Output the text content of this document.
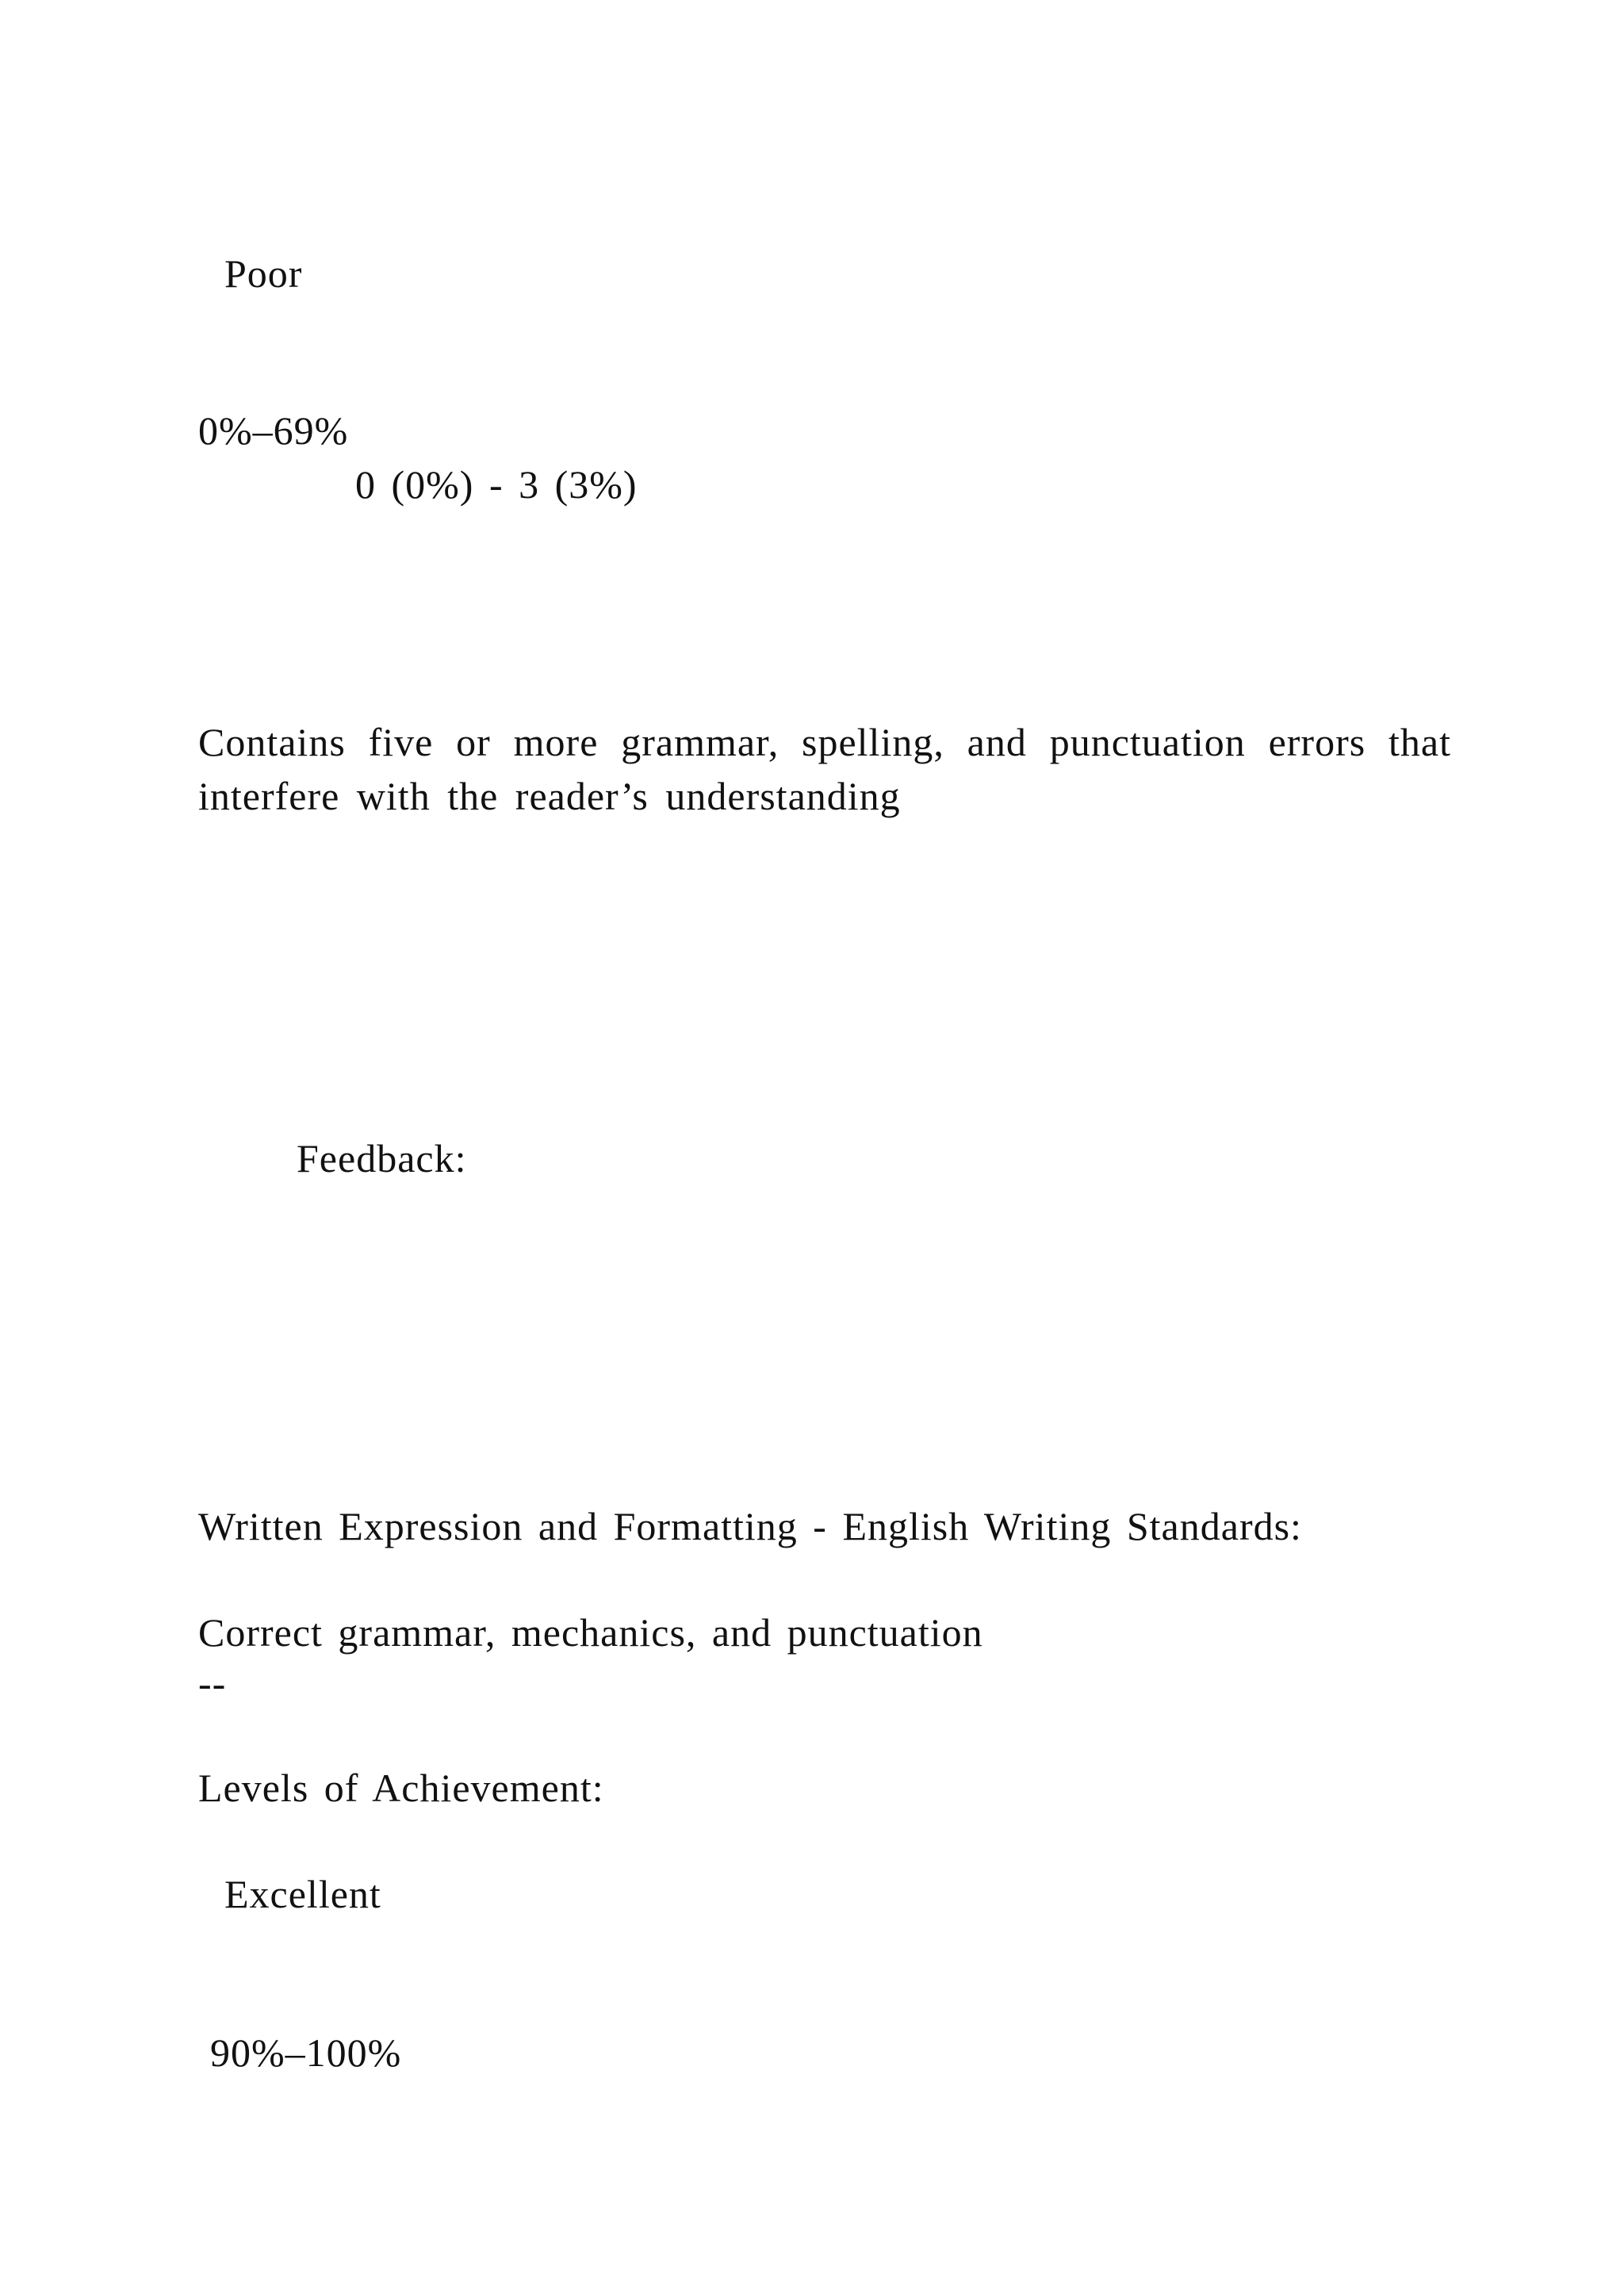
Poor

0%–69%

0 (0%) - 3 (3%)

Contains five or more grammar, spelling, and punctuation errors that interfere with the reader’s understanding

Feedback:

Written Expression and Formatting - English Writing Standards:

Correct grammar, mechanics, and punctuation

--

Levels of Achievement:

Excellent

90%–100%
